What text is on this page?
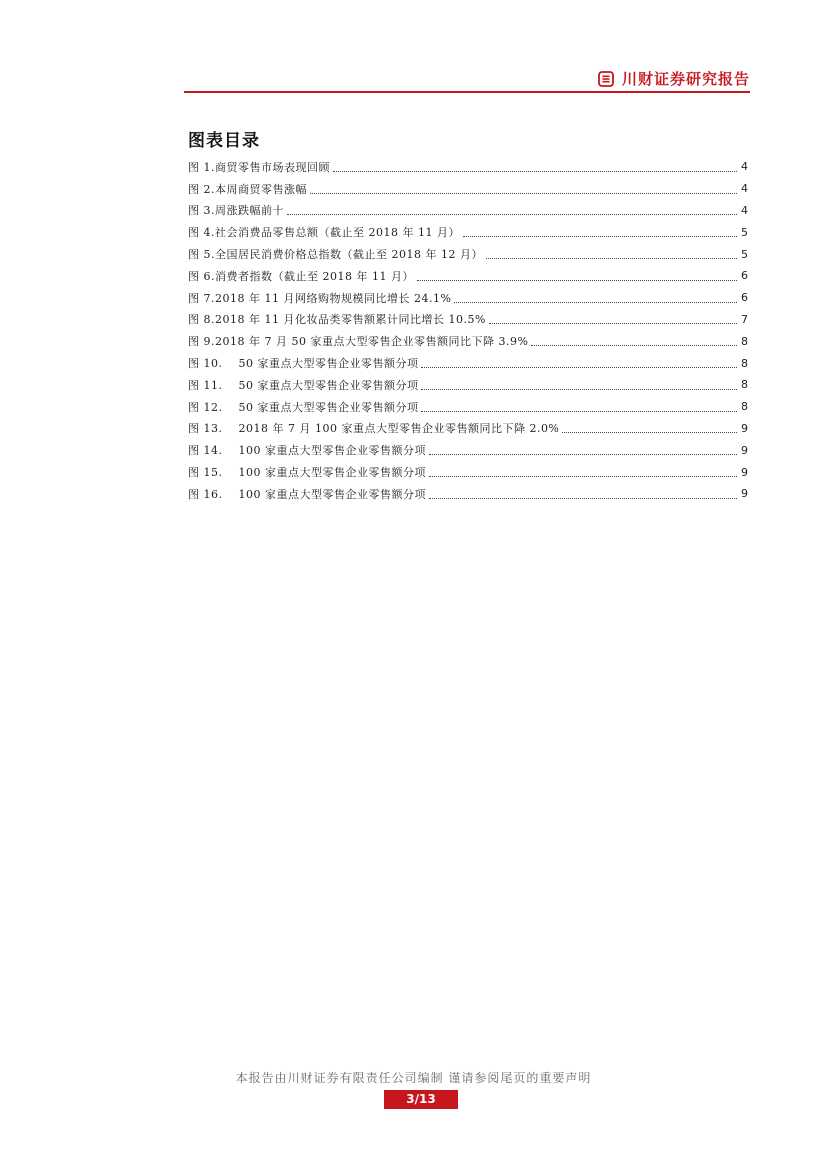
川财证券研究报告
图表目录
图 1.商贸零售市场表现回顾	4
图 2.本周商贸零售涨幅	4
图 3.周涨跌幅前十	4
图 4.社会消费品零售总额（截止至 2018 年 11 月）	5
图 5.全国居民消费价格总指数（截止至 2018 年 12 月）	5
图 6.消费者指数（截止至 2018 年 11 月）	6
图 7.2018 年 11 月网络购物规模同比增长 24.1%	6
图 8.2018 年 11 月化妆品类零售额累计同比增长 10.5%	7
图 9.2018 年 7 月 50 家重点大型零售企业零售额同比下降 3.9%	8
图 10.    50 家重点大型零售企业零售额分项	8
图 11.    50 家重点大型零售企业零售额分项	8
图 12.    50 家重点大型零售企业零售额分项	8
图 13.    2018 年 7 月 100 家重点大型零售企业零售额同比下降 2.0%	9
图 14.    100 家重点大型零售企业零售额分项	9
图 15.    100 家重点大型零售企业零售额分项	9
图 16.    100 家重点大型零售企业零售额分项	9
本报告由川财证券有限责任公司编制 谨请参阅尾页的重要声明
3/13
